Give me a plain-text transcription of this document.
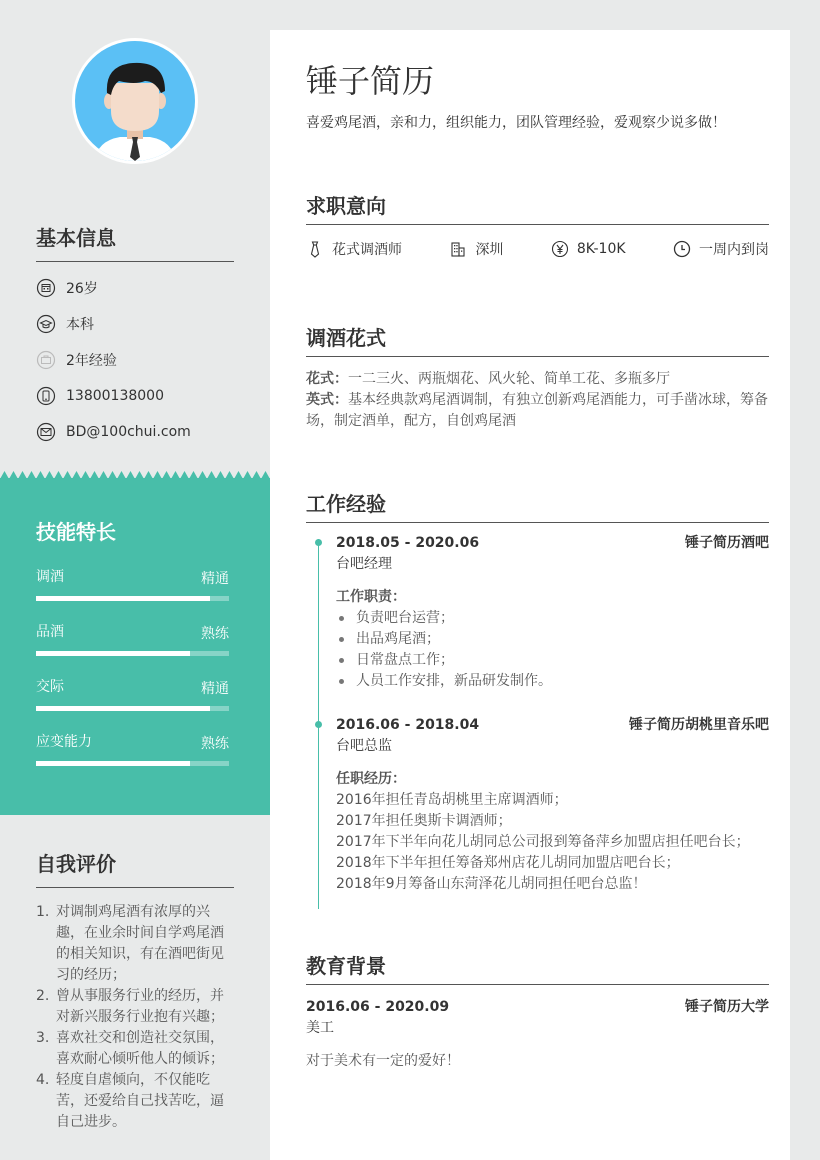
基本信息
26岁
本科
2年经验
13800138000
BD@100chui.com
技能特长
调酒	精通
品酒	熟练
交际	精通
应变能力	熟练
自我评价
1. 对调制鸡尾酒有浓厚的兴趣，在业余时间自学鸡尾酒的相关知识，有在酒吧街见习的经历；
2. 曾从事服务行业的经历，并对新兴服务行业抱有兴趣；
3. 喜欢社交和创造社交氛围，喜欢耐心倾听他人的倾诉；
4. 轻度自虐倾向，不仅能吃苦，还爱给自己找苦吃，逼自己进步。
锤子简历
喜爱鸡尾酒，亲和力，组织能力，团队管理经验，爱观察少说多做！
求职意向
花式调酒师	深圳	8K-10K	一周内到岗
调酒花式
花式：一二三火、两瓶烟花、风火轮、简单工花、多瓶多厅
英式：基本经典款鸡尾酒调制，有独立创新鸡尾酒能力，可手凿冰球，筹备场，制定酒单，配方，自创鸡尾酒
工作经验
2018.05 - 2020.06	锤子简历酒吧
台吧经理
工作职责：
负责吧台运营；
出品鸡尾酒；
日常盘点工作；
人员工作安排，新品研发制作。
2016.06 - 2018.04	锤子简历胡桃里音乐吧
台吧总监
任职经历：
2016年担任青岛胡桃里主席调酒师；
2017年担任奥斯卡调酒师；
2017年下半年向花儿胡同总公司报到筹备萍乡加盟店担任吧台长；
2018年下半年担任筹备郑州店花儿胡同加盟店吧台长；
2018年9月筹备山东菏泽花儿胡同担任吧台总监！
教育背景
2016.06 - 2020.09	锤子简历大学
美工
对于美术有一定的爱好！
